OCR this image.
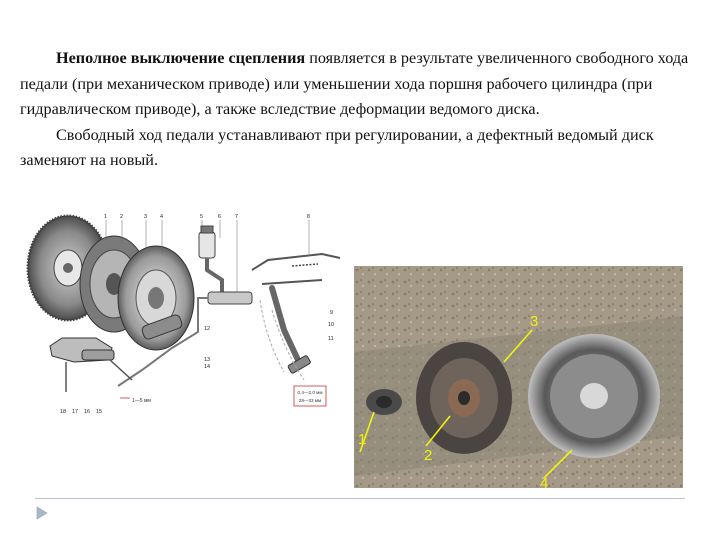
Неполное выключение сцепления появляется в результате увеличенного свободного хода педали (при механическом приводе) или уменьшении хода поршня рабочего цилиндра (при гидравлическом приводе), а также вследствие деформации ведомого диска.

Свободный ход педали устанавливают при регулировании, а дефектный ведомый диск заменяют на новый.

0,4—2,0 мм
28—33 мм
1—5 мм
1 2	3 4	5	6	7	8
9
10
11
12
13
14
18 17 16 15
1
2
3
4
